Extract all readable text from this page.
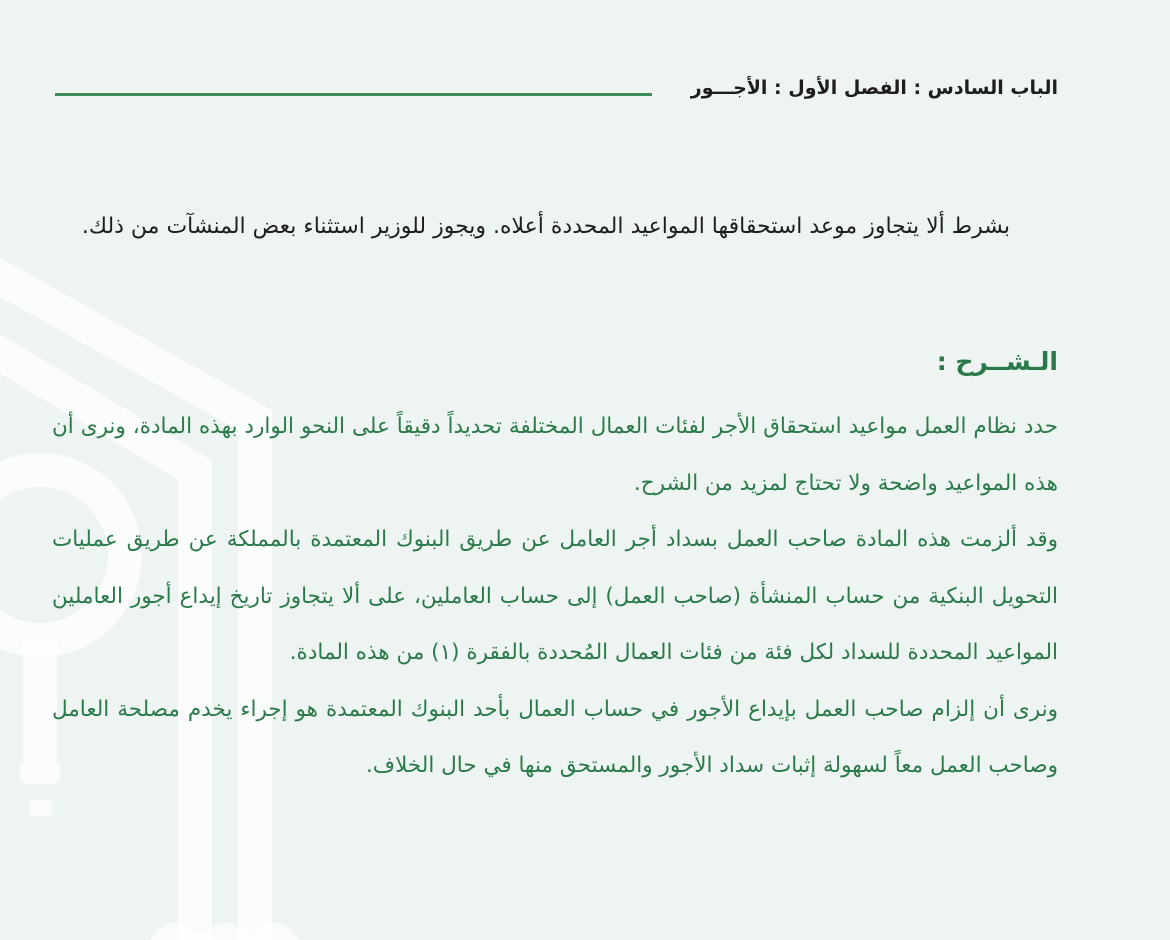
الباب السادس : الفصل الأول : الأجـــور

بشرط ألا يتجاوز موعد استحقاقها المواعيد المحددة أعلاه. ويجوز للوزير استثناء بعض المنشآت من ذلك.

الـشــرح :

حدد نظام العمل مواعيد استحقاق الأجر لفئات العمال المختلفة تحديداً دقيقاً على النحو الوارد بهذه المادة، ونرى أن هذه المواعيد واضحة ولا تحتاج لمزيد من الشرح.

وقد ألزمت هذه المادة صاحب العمل بسداد أجر العامل عن طريق البنوك المعتمدة بالمملكة عن طريق عمليات التحويل البنكية من حساب المنشأة (صاحب العمل) إلى حساب العاملين، على ألا يتجاوز تاريخ إيداع أجور العاملين المواعيد المحددة للسداد لكل فئة من فئات العمال المُحددة بالفقرة (١) من هذه المادة.

ونرى أن إلزام صاحب العمل بإيداع الأجور في حساب العمال بأحد البنوك المعتمدة هو إجراء يخدم مصلحة العامل وصاحب العمل معاً لسهولة إثبات سداد الأجور والمستحق منها في حال الخلاف.
